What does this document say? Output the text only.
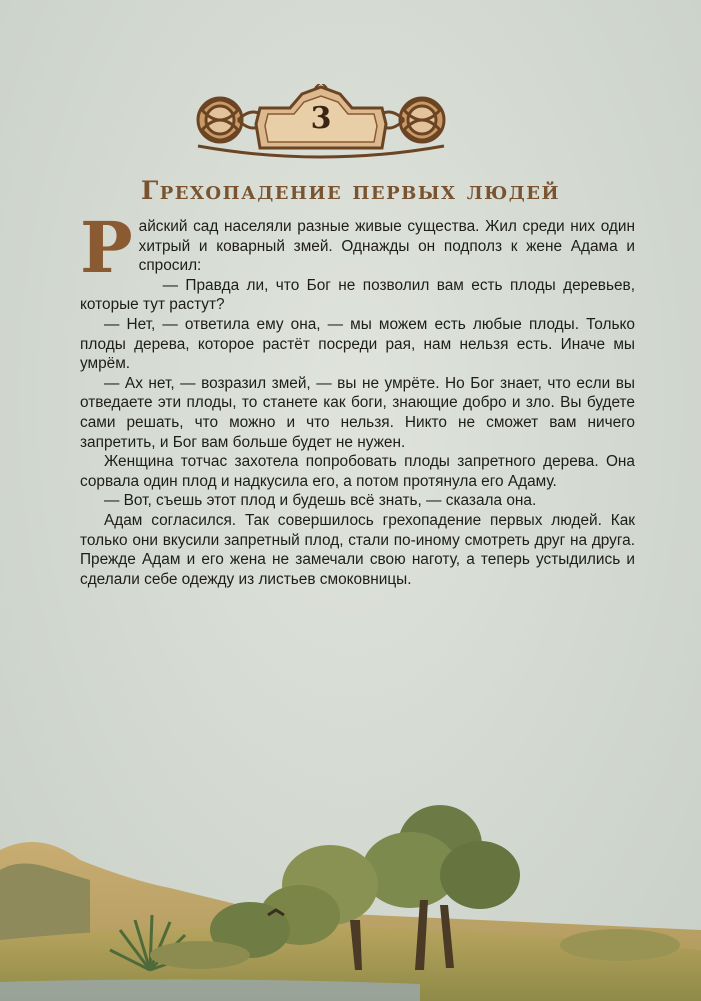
3
Грехопадение первых людей

Райский сад населяли разные живые существа. Жил среди них один хитрый и коварный змей. Однажды он подполз к жене Адама и спросил:

— Правда ли, что Бог не позволил вам есть плоды деревьев, которые тут растут?

— Нет, — ответила ему она, — мы можем есть любые плоды. Только плоды дерева, которое растёт посреди рая, нам нельзя есть. Иначе мы умрём.

— Ах нет, — возразил змей, — вы не умрёте. Но Бог знает, что если вы отведаете эти плоды, то станете как боги, знающие добро и зло. Вы будете сами решать, что можно и что нельзя. Никто не сможет вам ничего запретить, и Бог вам больше будет не нужен.

Женщина тотчас захотела попробовать плоды запретного дерева. Она сорвала один плод и надкусила его, а потом протянула его Адаму.

— Вот, съешь этот плод и будешь всё знать, — сказала она.

Адам согласился. Так совершилось грехопадение первых людей. Как только они вкусили запретный плод, стали по-иному смотреть друг на друга. Прежде Адам и его жена не замечали свою наготу, а теперь устыдились и сделали себе одежду из листьев смоковницы.
